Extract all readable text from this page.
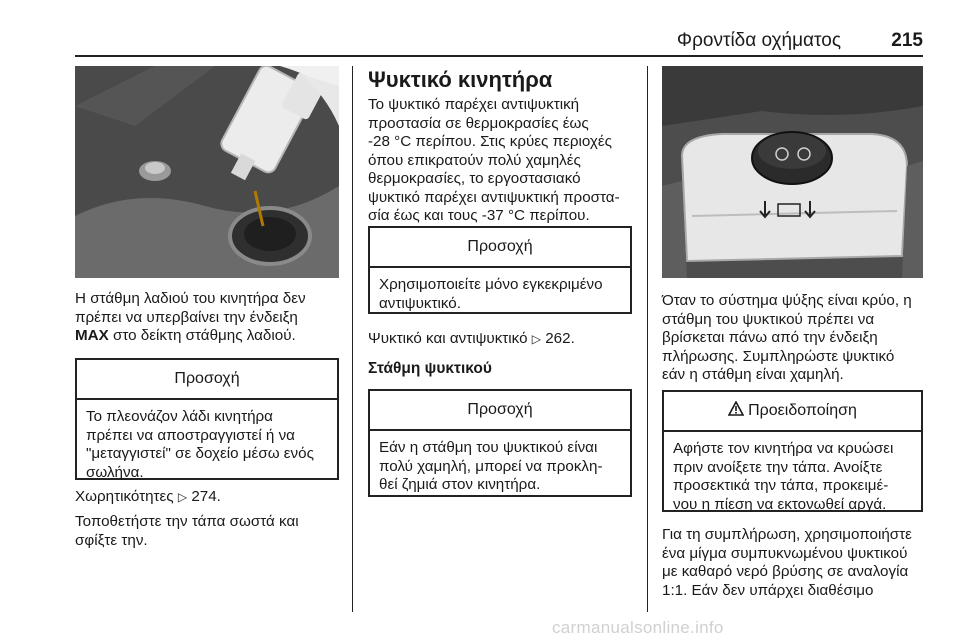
Φροντίδα οχήματος	215

Η στάθμη λαδιού του κινητήρα δεν

πρέπει να υπερβαίνει την ένδειξη

MAX στο δείκτη στάθμης λαδιού.

Προσοχή
Το πλεονάζον λάδι κινητήρα
πρέπει να αποστραγγιστεί ή να
"μεταγγιστεί" σε δοχείο μέσω ενός
σωλήνα.
Χωρητικότητες ▷ 274.

Τοποθετήστε την τάπα σωστά και

σφίξτε την.

Ψυκτικό κινητήρα

Το ψυκτικό παρέχει αντιψυκτική

προστασία σε θερμοκρασίες έως

-28 °C περίπου. Στις κρύες περιοχές

όπου επικρατούν πολύ χαμηλές

θερμοκρασίες, το εργοστασιακό

ψυκτικό παρέχει αντιψυκτική προστα‐

σία έως και τους -37 °C περίπου.

Προσοχή
Χρησιμοποιείτε μόνο εγκεκριμένο
αντιψυκτικό.
Ψυκτικό και αντιψυκτικό ▷ 262.
Στάθμη ψυκτικού
Προσοχή
Εάν η στάθμη του ψυκτικού είναι
πολύ χαμηλή, μπορεί να προκλη‐
θεί ζημιά στον κινητήρα.

Όταν το σύστημα ψύξης είναι κρύο, η

στάθμη του ψυκτικού πρέπει να

βρίσκεται πάνω από την ένδειξη

πλήρωσης. Συμπληρώστε ψυκτικό

εάν η στάθμη είναι χαμηλή.

Προειδοποίηση
Αφήστε τον κινητήρα να κρυώσει
πριν ανοίξετε την τάπα. Ανοίξτε
προσεκτικά την τάπα, προκειμέ‐
νου η πίεση να εκτονωθεί αργά.

Για τη συμπλήρωση, χρησιμοποιήστε

ένα μίγμα συμπυκνωμένου ψυκτικού

με καθαρό νερό βρύσης σε αναλογία

1:1. Εάν δεν υπάρχει διαθέσιμο

carmanualsonline.info
